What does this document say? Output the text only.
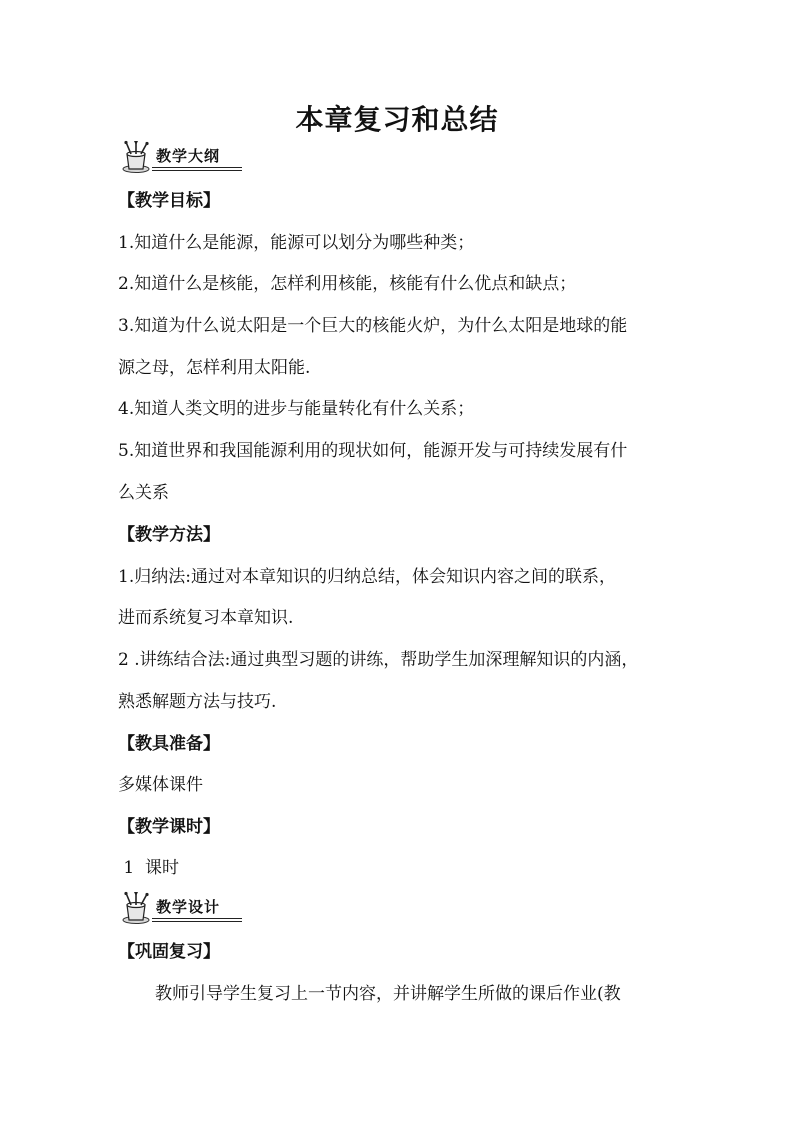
本章复习和总结
教学大纲
【教学目标】
1.知道什么是能源，能源可以划分为哪些种类；
2.知道什么是核能，怎样利用核能，核能有什么优点和缺点；
3.知道为什么说太阳是一个巨大的核能火炉，为什么太阳是地球的能
源之母，怎样利用太阳能.
4.知道人类文明的进步与能量转化有什么关系；
5.知道世界和我国能源利用的现状如何，能源开发与可持续发展有什
么关系
【教学方法】
1.归纳法:通过对本章知识的归纳总结，体会知识内容之间的联系，
进而系统复习本章知识.
2 .讲练结合法:通过典型习题的讲练，帮助学生加深理解知识的内涵，
熟悉解题方法与技巧.
【教具准备】
多媒体课件
【教学课时】
1  课时
教学设计
【巩固复习】
教师引导学生复习上一节内容，并讲解学生所做的课后作业(教
